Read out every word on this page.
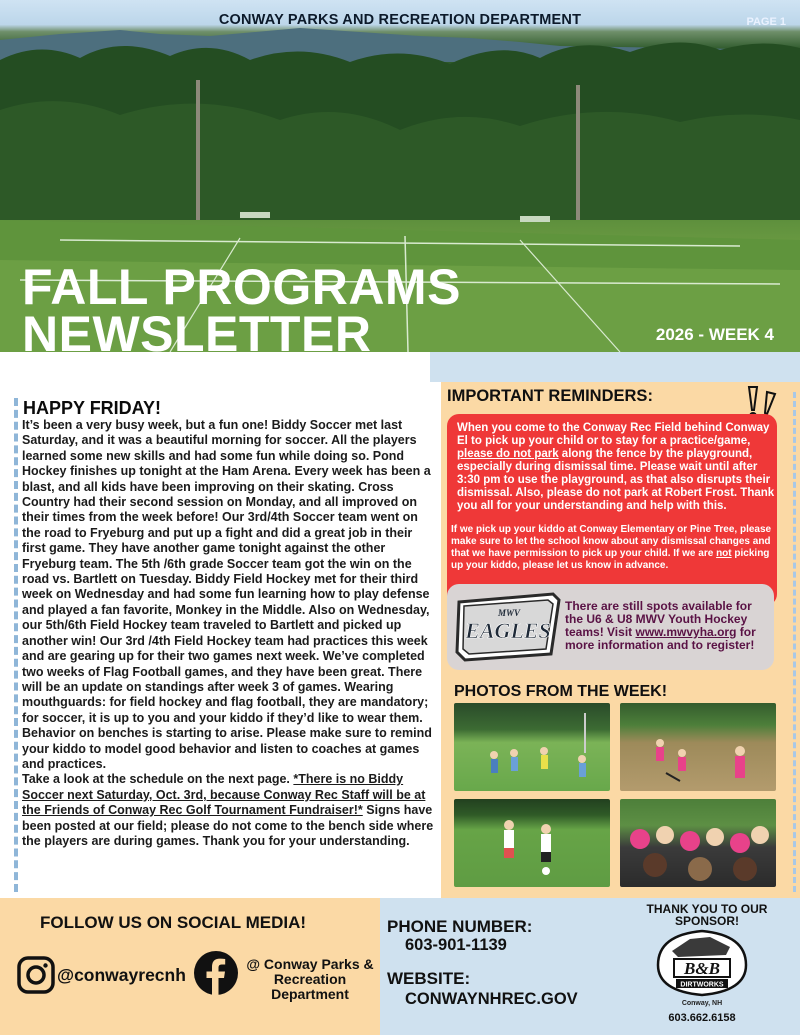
CONWAY PARKS AND RECREATION DEPARTMENT	PAGE 1
FALL PROGRAMS
NEWSLETTER	2026 - WEEK 4
HAPPY FRIDAY!

It’s been a very busy week, but a fun one! Biddy Soccer met last Saturday, and it was a beautiful morning for soccer. All the players learned some new skills and had some fun while doing so. Pond Hockey finishes up tonight at the Ham Arena. Every week has been a blast, and all kids have been improving on their skating. Cross Country had their second session on Monday, and all improved on their times from the week before! Our 3rd/4th Soccer team went on the road to Fryeburg and put up a fight and did a great job in their first game. They have another game tonight against the other Fryeburg team. The 5th /6th grade Soccer team got the win on the road vs. Bartlett on Tuesday. Biddy Field Hockey met for their third week on Wednesday and had some fun learning how to play defense and played a fan favorite, Monkey in the Middle. Also on Wednesday, our 5th/6th Field Hockey team traveled to Bartlett and picked up another win! Our 3rd /4th Field Hockey team had practices this week and are gearing up for their two games next week. We’ve completed two weeks of Flag Football games, and they have been great. There will be an update on standings after week 3 of games. Wearing mouthguards: for field hockey and flag football, they are mandatory; for soccer, it is up to you and your kiddo if they’d like to wear them. Behavior on benches is starting to arise. Please make sure to remind your kiddo to model good behavior and listen to coaches at games and practices.
Take a look at the schedule on the next page. *There is no Biddy Soccer next Saturday, Oct. 3rd, because Conway Rec Staff will be at the Friends of Conway Rec Golf Tournament Fundraiser!* Signs have been posted at our field; please do not come to the bench side where the players are during games. Thank you for your understanding.

IMPORTANT REMINDERS:
When you come to the Conway Rec Field behind Conway El to pick up your child or to stay for a practice/game, please do not park along the fence by the playground, especially during dismissal time. Please wait until after 3:30 pm to use the playground, as that also disrupts their dismissal. Also, please do not park at Robert Frost. Thank you all for your understanding and help with this.
If we pick up your kiddo at Conway Elementary or Pine Tree, please make sure to let the school know about any dismissal changes and that we have permission to pick up your child. If we are not picking up your kiddo, please let us know in advance.
MWV
EAGLES
There are still spots available for the U6 & U8 MWV Youth Hockey teams! Visit www.mwvyha.org for more information and to register!
PHOTOS FROM THE WEEK!
FOLLOW US ON SOCIAL MEDIA!
@conwayrecnh
@ Conway Parks & Recreation Department
PHONE NUMBER:
603-901-1139
WEBSITE:
CONWAYNHREC.GOV
THANK YOU TO OUR SPONSOR!
B&B
DIRTWORKS
Conway, NH
603.662.6158
